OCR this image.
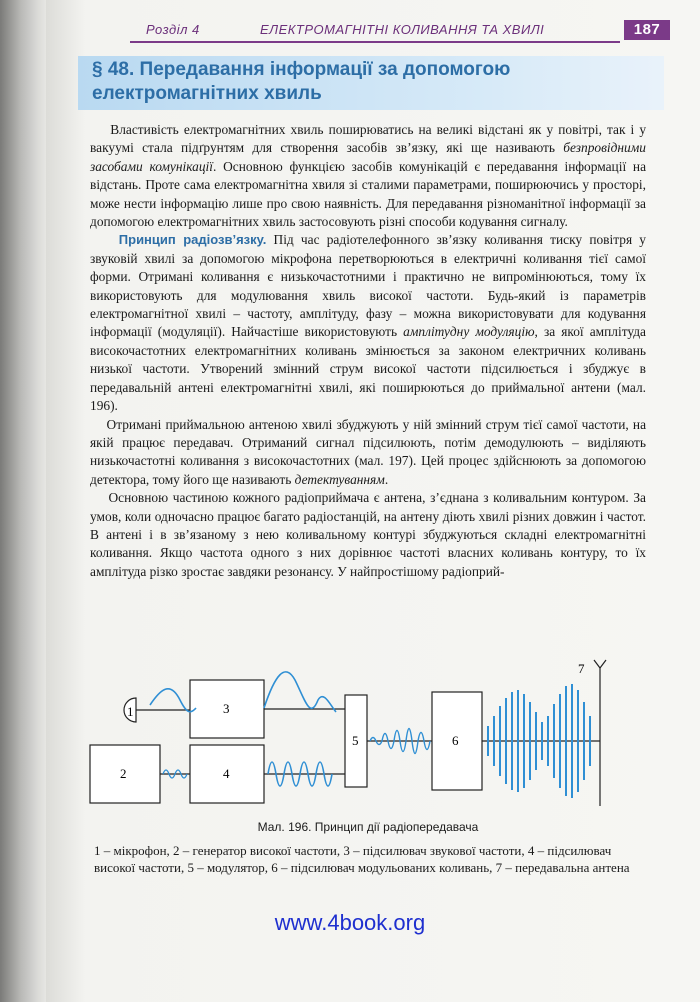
Розділ 4	ЕЛЕКТРОМАГНІТНІ КОЛИВАННЯ ТА ХВИЛІ	187
§ 48. Передавання інформації за допомогою
електромагнітних хвиль

Властивість електромагнітних хвиль поширюватись на великі відстані як у повітрі, так і у вакуумі стала підґрунтям для створення засобів зв’язку, які ще називають безпровідними засобами комунікації. Основною функцією засобів комунікацій є передавання інформації на відстань. Проте сама електромагнітна хвиля зі сталими параметрами, поширюючись у просторі, може нести інформацію лише про свою наявність. Для передавання різноманітної інформації за допомогою електромагнітних хвиль застосовують різні способи кодування сигналу.

Принцип радіозв’язку. Під час радіотелефонного зв’язку коливання тиску повітря у звуковій хвилі за допомогою мікрофона перетворюються в електричні коливання тієї самої форми. Отримані коливання є низькочастотними і практично не випромінюються, тому їх використовують для модулювання хвиль високої частоти. Будь-який із параметрів електромагнітної хвилі – частоту, амплітуду, фазу – можна використовувати для кодування інформації (модуляції). Найчастіше використовують амплітудну модуляцію, за якої амплітуда високочастотних електромагнітних коливань змінюється за законом електричних коливань низької частоти. Утворений змінний струм високої частоти підсилюється і збуджує в передавальній антені електромагнітні хвилі, які поширюються до приймальної антени (мал. 196).

Отримані приймальною антеною хвилі збуджують у ній змінний струм тієї самої частоти, на якій працює передавач. Отриманий сигнал підсилюють, потім демодулюють – виділяють низькочастотні коливання з високочастотних (мал. 197). Цей процес здійснюють за допомогою детектора, тому його ще називають детектуванням.

Основною частиною кожного радіоприймача є антена, з’єднана з коливальним контуром. За умов, коли одночасно працює багато радіостанцій, на антену діють хвилі різних довжин і частот. В антені і в зв’язаному з нею коливальному контурі збуджуються складні електромагнітні коливання. Якщо частота одного з них дорівнює частоті власних коливань контуру, то їх амплітуда різко зростає завдяки резонансу. У найпростішому радіоприй-

1
2
3
4
5	6
7
Мал. 196. Принцип дії радіопередавача
1 – мікрофон, 2 – генератор високої частоти, 3 – підсилювач звукової частоти, 4 – підсилювач високої частоти, 5 – модулятор, 6 – підсилювач модульованих коливань, 7 – передавальна антена
www.4book.org
